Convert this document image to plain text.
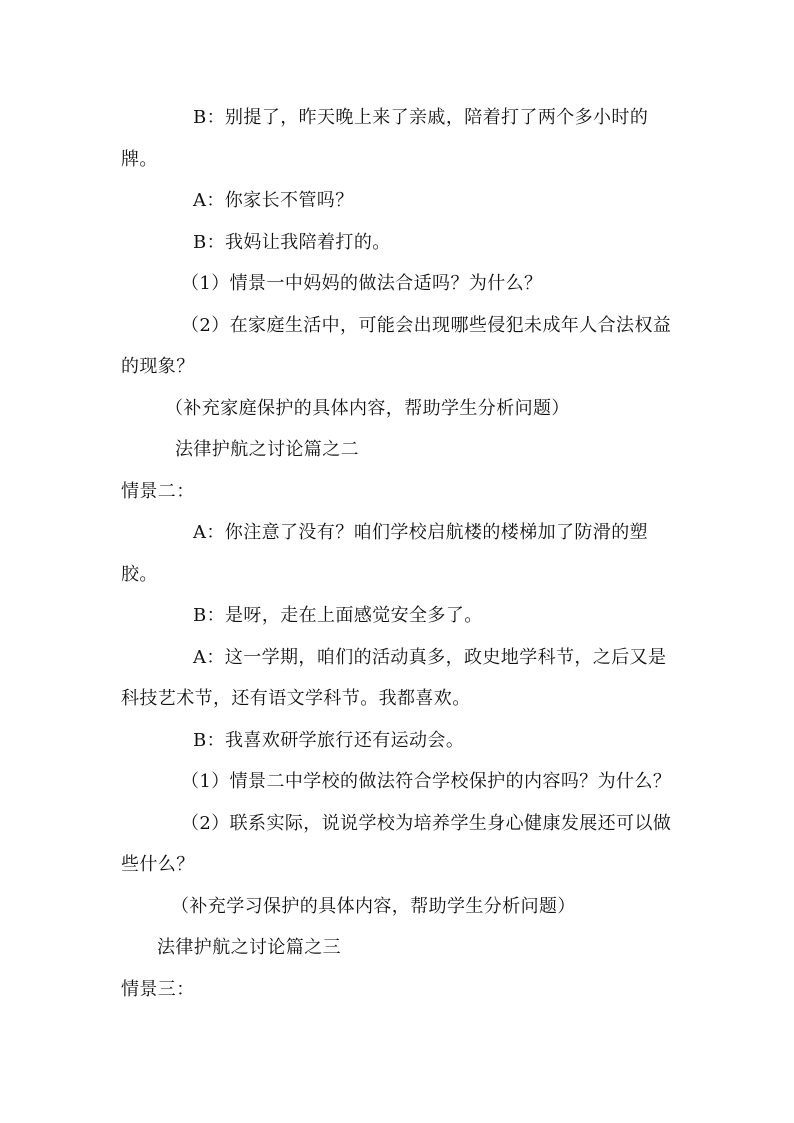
B：别提了，昨天晚上来了亲戚，陪着打了两个多小时的
牌。
A：你家长不管吗？
B：我妈让我陪着打的。
（1）情景一中妈妈的做法合适吗？为什么？
（2）在家庭生活中，可能会出现哪些侵犯未成年人合法权益
的现象？
（补充家庭保护的具体内容，帮助学生分析问题）
法律护航之讨论篇之二
情景二：
A：你注意了没有？咱们学校启航楼的楼梯加了防滑的塑
胶。
B：是呀，走在上面感觉安全多了。
A：这一学期，咱们的活动真多，政史地学科节，之后又是
科技艺术节，还有语文学科节。我都喜欢。
B：我喜欢研学旅行还有运动会。
（1）情景二中学校的做法符合学校保护的内容吗？为什么？
（2）联系实际，说说学校为培养学生身心健康发展还可以做
些什么？
（补充学习保护的具体内容，帮助学生分析问题）
法律护航之讨论篇之三
情景三：
